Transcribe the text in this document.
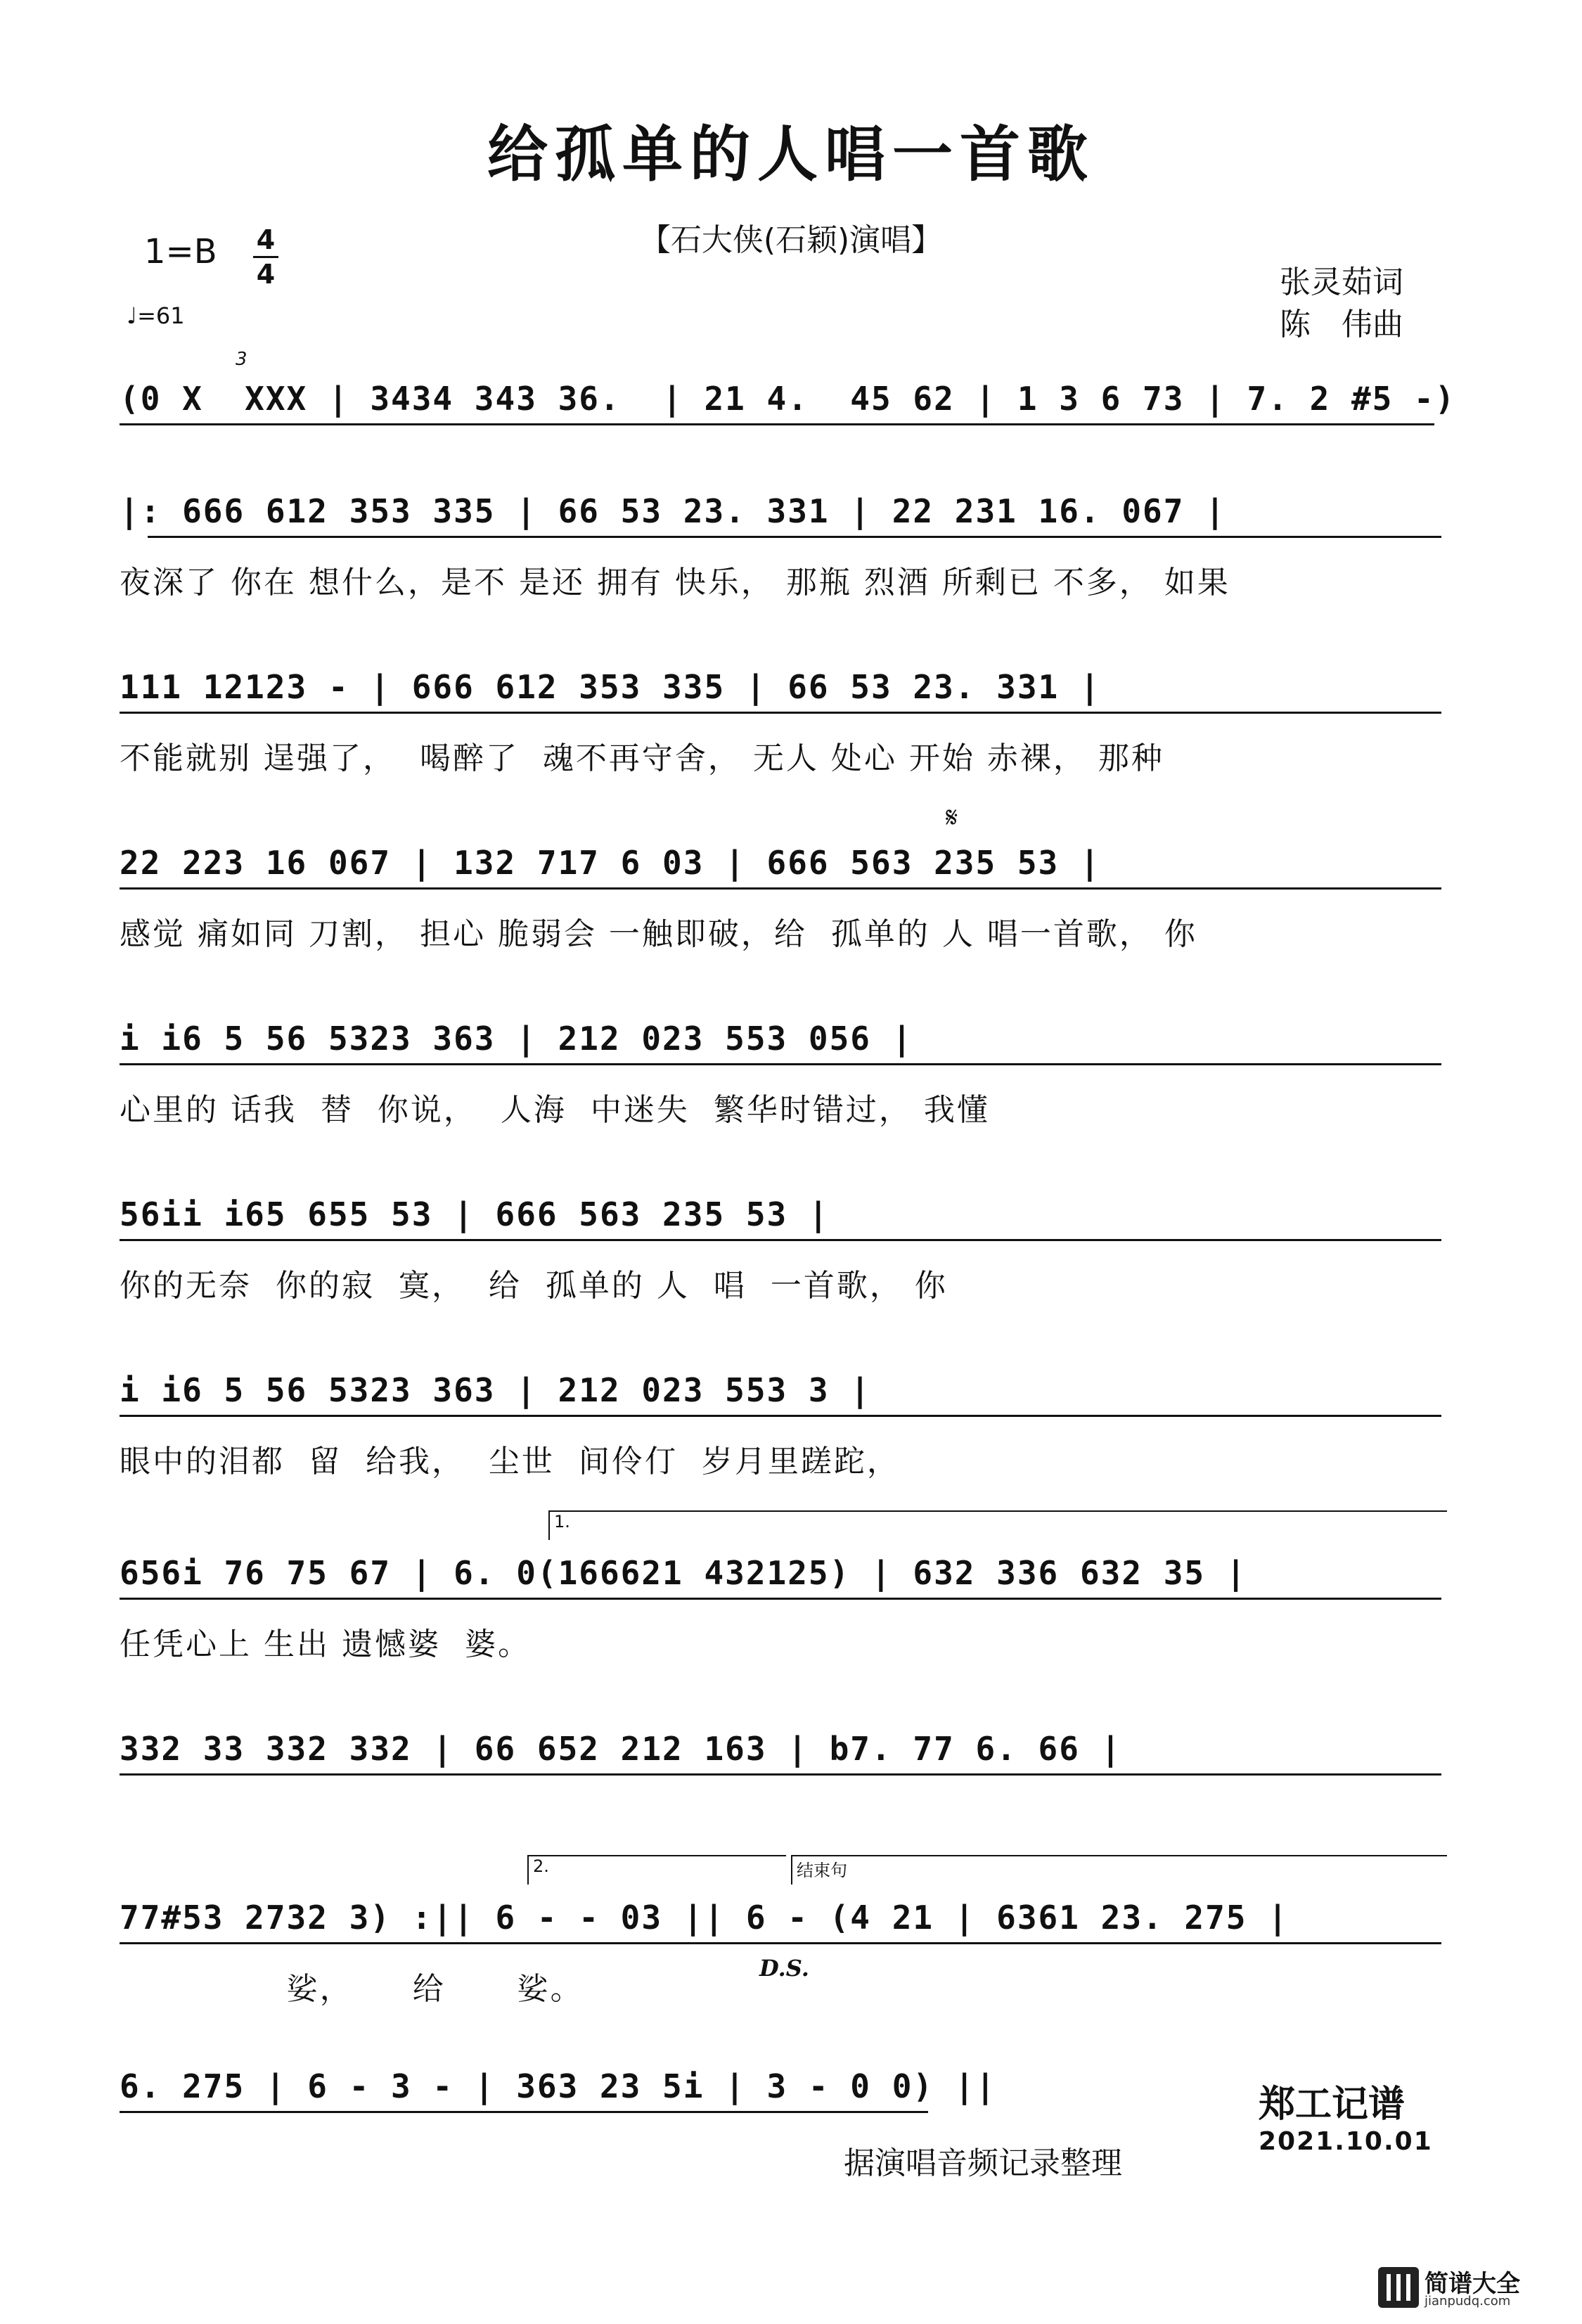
给孤单的人唱一首歌
【石大侠(石颖)演唱】
1=B 4
4
♩=61
张灵茹词
陈　伟曲
(0 X  XXX | 3434 343 36.  | 21 4.  45 62 | 1 3 6 73 | 7. 2 #5 -)
3
|: 666 612 353 335 | 66 53 23. 331 | 22 231 16. 067 |
夜深了 你在 想什么，是不 是还 拥有 快乐， 那瓶 烈酒 所剩已 不多， 如果
111 12123 - | 666 612 353 335 | 66 53 23. 331 |
不能就别 逞强了，  喝醉了  魂不再守舍， 无人 处心 开始 赤裸， 那种
𝄋
22 223 16 067 | 132 717 6 03 | 666 563 235 53 |
感觉 痛如同 刀割， 担心 脆弱会 一触即破，给  孤单的 人 唱一首歌， 你
i i6 5 56 5323 363 | 212 023 553 056 |
心里的 话我  替  你说，  人海  中迷失  繁华时错过， 我懂
56ii i65 655 53 | 666 563 235 53 |
你的无奈  你的寂  寞，  给  孤单的 人  唱  一首歌， 你
i i6 5 56 5323 363 | 212 023 553 3 |
眼中的泪都  留  给我，  尘世  间伶仃  岁月里蹉跎，
1.
656i 76 75 67 | 6. 0(166621 432125) | 632 336 632 35 |
任凭心上 生出 遗憾婆  婆。
332 33 332 332 | 66 652 212 163 | b7. 77 6. 66 |
2.	结束句
77#53 2732 3) :|| 6 - - 03 || 6 - (4 21 | 6361 23. 275 |
D.S.
娑，     给      娑。
6. 275 | 6 - 3 - | 363 23 5i | 3 - 0 0) ||
据演唱音频记录整理
郑工记谱
2021.10.01
简谱大全
jianpudq.com
